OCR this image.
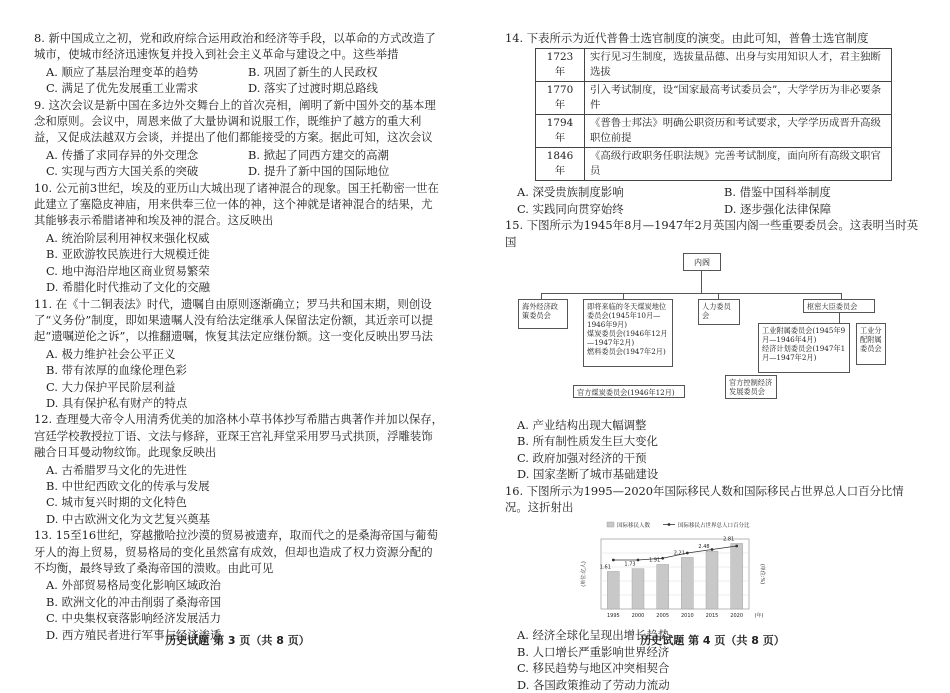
8. 新中国成立之初，党和政府综合运用政治和经济等手段，以革命的方式改造了城市，使城市经济迅速恢复并投入到社会主义革命与建设之中。这些举措
A. 顺应了基层治理变革的趋势	B. 巩固了新生的人民政权
C. 满足了优先发展重工业需求	D. 落实了过渡时期总路线
9. 这次会议是新中国在多边外交舞台上的首次亮相，阐明了新中国外交的基本理念和原则。会议中，周恩来做了大量协调和说服工作，既维护了越方的重大利益，又促成法越双方会谈，并提出了他们都能接受的方案。据此可知，这次会议
A. 传播了求同存异的外交理念	B. 掀起了同西方建交的高潮
C. 实现与西方大国关系的突破	D. 提升了新中国的国际地位
10. 公元前3世纪，埃及的亚历山大城出现了诸神混合的现象。国王托勒密一世在此建立了塞隐皮神庙，用来供奉三位一体的神，这个神就是诸神混合的结果，尤其能够表示希腊诸神和埃及神的混合。这反映出
A. 统治阶层利用神权来强化权威
B. 亚欧游牧民族进行大规模迁徙
C. 地中海沿岸地区商业贸易繁荣
D. 希腊化时代推动了文化的交融
11. 在《十二铜表法》时代，遗嘱自由原则逐渐确立；罗马共和国末期，则创设了“义务份”制度，即如果遗嘱人没有给法定继承人保留法定份额，其近亲可以提起“遗嘱逆伦之诉”，以推翻遗嘱，恢复其法定应继份额。这一变化反映出罗马法
A. 极力维护社会公平正义
B. 带有浓厚的血缘伦理色彩
C. 大力保护平民阶层利益
D. 具有保护私有财产的特点
12. 查理曼大帝令人用清秀优美的加洛林小草书体抄写希腊古典著作并加以保存，宫廷学校教授拉丁语、文法与修辞，亚琛王宫礼拜堂采用罗马式拱顶，浮雕装饰融合日耳曼动物纹饰。此现象反映出
A. 古希腊罗马文化的先进性
B. 中世纪西欧文化的传承与发展
C. 城市复兴时期的文化特色
D. 中古欧洲文化为文艺复兴奠基
13. 15至16世纪，穿越撒哈拉沙漠的贸易被遗弃，取而代之的是桑海帝国与葡萄牙人的海上贸易，贸易格局的变化虽然富有成效，但却也造成了权力资源分配的不均衡，最终导致了桑海帝国的溃败。由此可见
A. 外部贸易格局变化影响区域政治
B. 欧洲文化的冲击削弱了桑海帝国
C. 中央集权衰落影响经济发展活力
D. 西方殖民者进行军事与经济渗透
历史试题 第 3 页（共 8 页）
14. 下表所示为近代普鲁士选官制度的演变。由此可知，普鲁士选官制度
1723 年	实行见习生制度，选拔量品德、出身与实用知识人才，君主独断选拔
1770 年	引入考试制度，设“国家最高考试委员会”，大学学历为非必要条件
1794 年	《普鲁士邦法》明确公职资历和考试要求，大学学历成晋升高级职位前提
1846 年	《高级行政职务任职法规》完善考试制度，面向所有高级文职官员
A. 深受贵族制度影响	B. 借鉴中国科举制度
C. 实践同向贯穿始终	D. 逐步强化法律保障
15. 下图所示为1945年8月—1947年2月英国内阁一些重要委员会。这表明当时英国
内阁
海外经济政策委员会
即将来临的冬天煤炭地位委员会(1945年10月—1946年9月)
煤炭委员会(1946年12月—1947年2月)
燃料委员会(1947年2月)
人力委员会
枢密大臣委员会
工业附属委员会(1945年9月—1946年4月)
经济计划委员会(1947年1月—1947年2月)
工业分配附属委员会
官方控制经济发展委员会
官方煤炭委员会(1946年12月)
A. 产业结构出现大幅调整
B. 所有制性质发生巨大变化
C. 政府加强对经济的干预
D. 国家垄断了城市基础建设
16. 下图所示为1995—2020年国际移民人数和国际移民占世界总人口百分比情况。这折射出
1.61
1995
1.73
2000
1.91
2005
2.21
2010
2.48
2015
2.81
2020 (年)
(单位:亿人)	(单位:%)
国际移民人数	国际移民占世界总人口百分比
A. 经济全球化呈现出增长趋势
B. 人口增长严重影响世界经济
C. 移民趋势与地区冲突相契合
D. 各国政策推动了劳动力流动
历史试题 第 4 页（共 8 页）
